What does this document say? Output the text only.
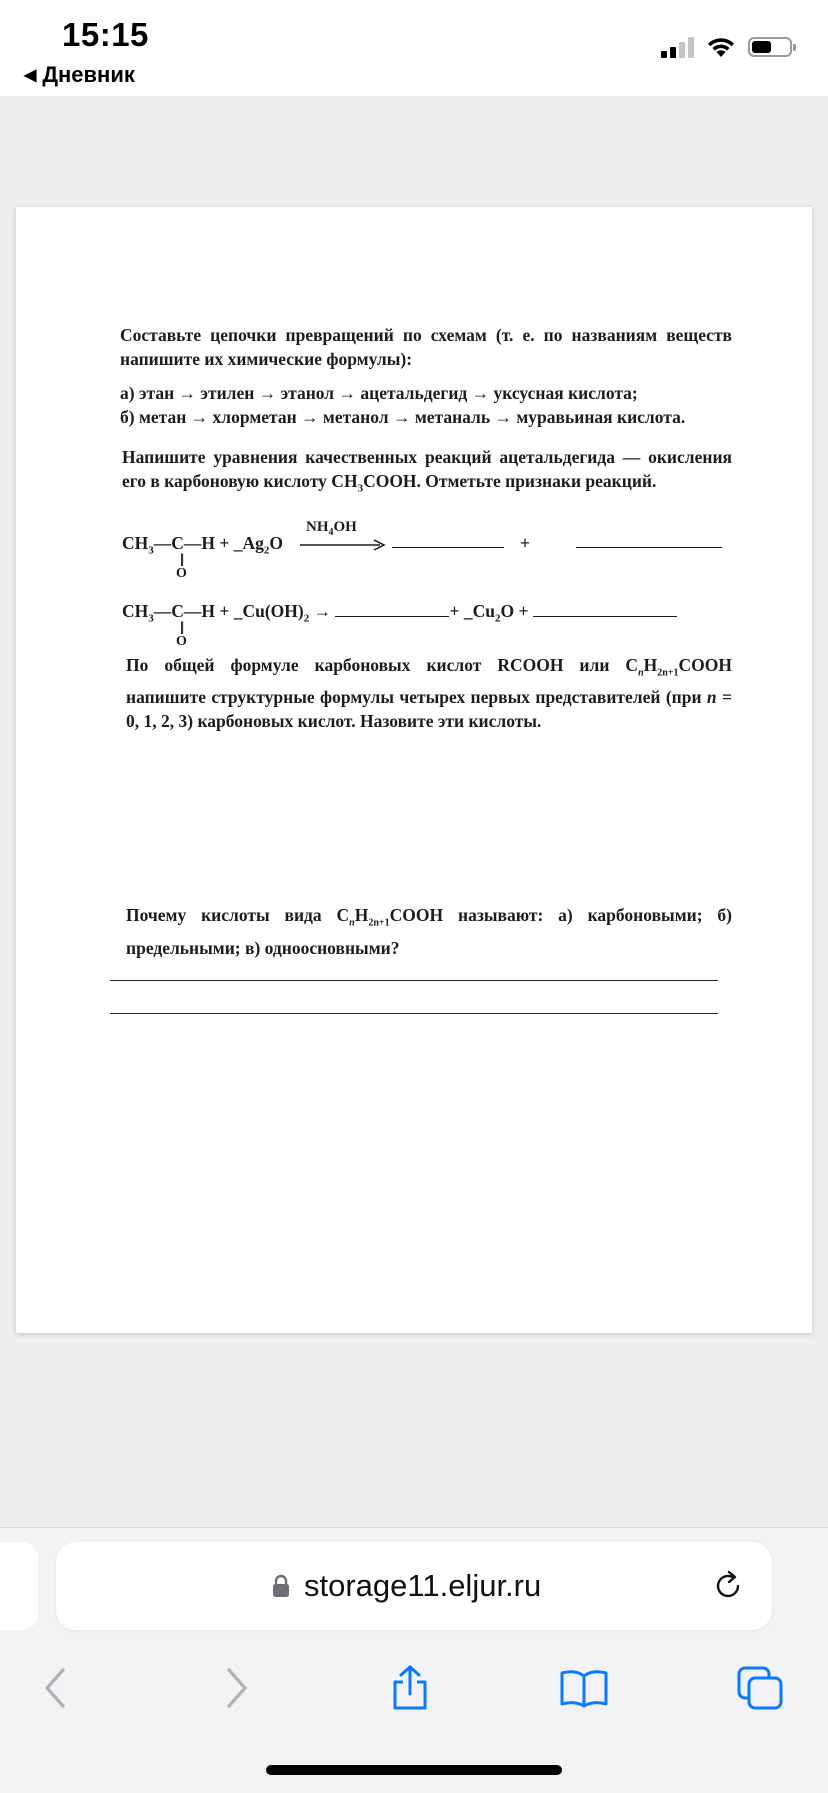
15:15
◀ Дневник

Составьте цепочки превращений по схемам (т. е. по названиям веществ напишите их химические формулы):

а) этан → этилен → этанол → ацетальдегид → уксусная кислота;

б) метан → хлорметан → метанол → метаналь → муравьиная кислота.

Напишите уравнения качественных реакций ацетальдегида — окисления его в карбоновую кислоту $CH_3COOH$. Отметьте признаки реакций.

$CH_3—C—H$ + $\_Ag_2O$
$NH_4OH$
+
||
O
$CH_3—C—H$ + $\_Cu(OH)_2$ →	+ $\_Cu_2O$ +
||
O

По общей формуле карбоновых кислот RCOOH или $C_nH_{2n+1}COOH$ напишите структурные формулы четырех первых представителей (при n = 0, 1, 2, 3) карбоновых кислот. Назовите эти кислоты.

Почему кислоты вида $C_nH_{2n+1}COOH$ называют: а) карбоновыми; б) предельными; в) одноосновными?

storage11.eljur.ru
